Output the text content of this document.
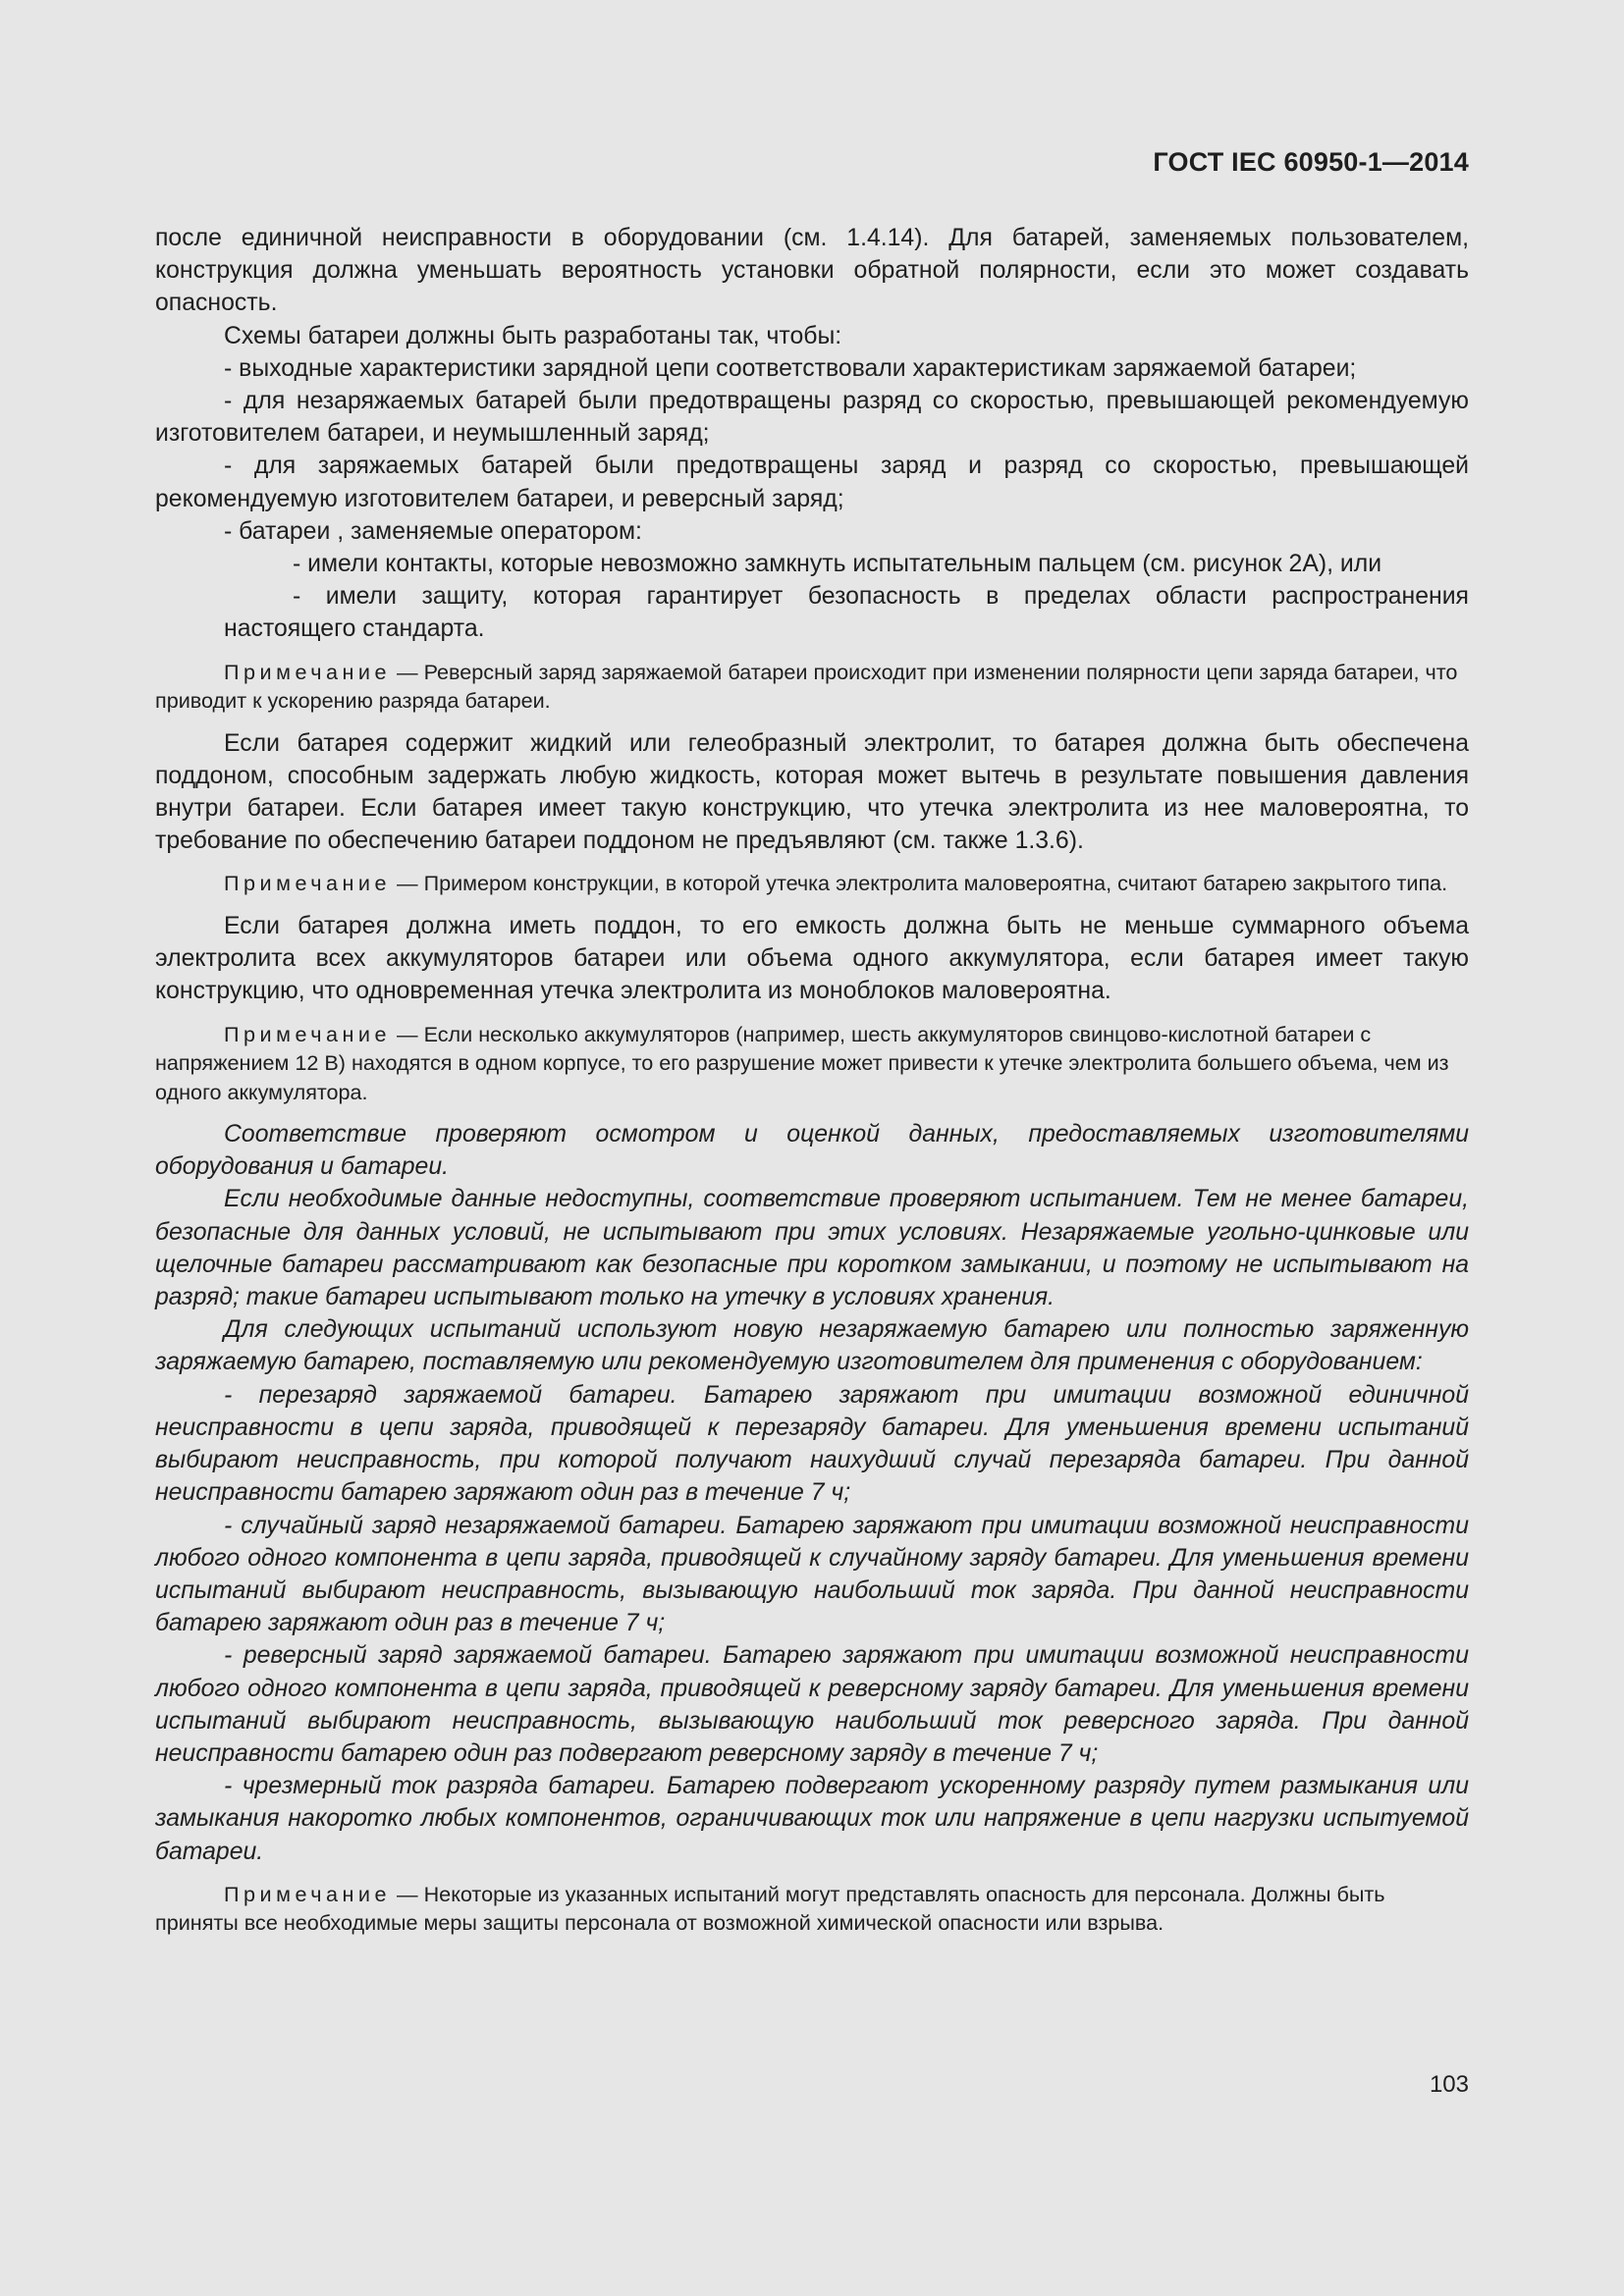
ГОСТ IEC 60950-1—2014

после единичной неисправности в оборудовании (см. 1.4.14). Для батарей, заменяемых пользователем, конструкция должна уменьшать вероятность установки обратной полярности, если это может создавать опасность.

Схемы батареи должны быть разработаны так, чтобы:

- выходные характеристики зарядной цепи соответствовали характеристикам заряжаемой батареи;

- для незаряжаемых батарей были предотвращены разряд со скоростью, превышающей рекомендуемую изготовителем батареи, и неумышленный заряд;

- для заряжаемых батарей были предотвращены заряд и разряд со скоростью, превышающей рекомендуемую изготовителем батареи, и реверсный заряд;

- батареи , заменяемые оператором:

- имели контакты, которые невозможно замкнуть испытательным пальцем (см. рисунок 2А), или

- имели защиту, которая гарантирует безопасность в пределах области распространения

настоящего стандарта.

Примечание — Реверсный заряд заряжаемой батареи происходит при изменении полярности цепи заряда батареи, что приводит к ускорению разряда батареи.

Если батарея содержит жидкий или гелеобразный электролит, то батарея должна быть обеспечена поддоном, способным задержать любую жидкость, которая может вытечь в результате повышения давления внутри батареи. Если батарея имеет такую конструкцию, что утечка электролита из нее маловероятна, то требование по обеспечению батареи поддоном не предъявляют (см. также 1.3.6).

Примечание — Примером конструкции, в которой утечка электролита маловероятна, считают батарею закрытого типа.

Если батарея должна иметь поддон, то его емкость должна быть не меньше суммарного объема электролита всех аккумуляторов батареи или объема одного аккумулятора, если батарея имеет такую конструкцию, что одновременная утечка электролита из моноблоков маловероятна.

Примечание — Если несколько аккумуляторов (например, шесть аккумуляторов свинцово-кислотной батареи с напряжением 12 В) находятся в одном корпусе, то его разрушение может привести к утечке электролита большего объема, чем из одного аккумулятора.

Соответствие проверяют осмотром и оценкой данных, предоставляемых изготовителями оборудования и батареи.

Если необходимые данные недоступны, соответствие проверяют испытанием. Тем не менее батареи, безопасные для данных условий, не испытывают при этих условиях. Незаряжаемые угольно-цинковые или щелочные батареи рассматривают как безопасные при коротком замыкании, и поэтому не испытывают на разряд; такие батареи испытывают только на утечку в условиях хранения.

Для следующих испытаний используют новую незаряжаемую батарею или полностью заряженную заряжаемую батарею, поставляемую или рекомендуемую изготовителем для применения с оборудованием:

- перезаряд заряжаемой батареи. Батарею заряжают при имитации возможной единичной неисправности в цепи заряда, приводящей к перезаряду батареи. Для уменьшения времени испытаний выбирают неисправность, при которой получают наихудший случай перезаряда батареи. При данной неисправности батарею заряжают один раз в течение 7 ч;

- случайный заряд незаряжаемой батареи. Батарею заряжают при имитации возможной неисправности любого одного компонента в цепи заряда, приводящей к случайному заряду батареи. Для уменьшения времени испытаний выбирают неисправность, вызывающую наибольший ток заряда. При данной неисправности батарею заряжают один раз в течение 7 ч;

- реверсный заряд заряжаемой батареи. Батарею заряжают при имитации возможной неисправности любого одного компонента в цепи заряда, приводящей к реверсному заряду батареи. Для уменьшения времени испытаний выбирают неисправность, вызывающую наибольший ток реверсного заряда. При данной неисправности батарею один раз подвергают реверсному заряду в течение 7 ч;

- чрезмерный ток разряда батареи. Батарею подвергают ускоренному разряду путем размыкания или замыкания накоротко любых компонентов, ограничивающих ток или напряжение в цепи нагрузки испытуемой батареи.

Примечание — Некоторые из указанных испытаний могут представлять опасность для персонала. Должны быть приняты все необходимые меры защиты персонала от возможной химической опасности или взрыва.

103
